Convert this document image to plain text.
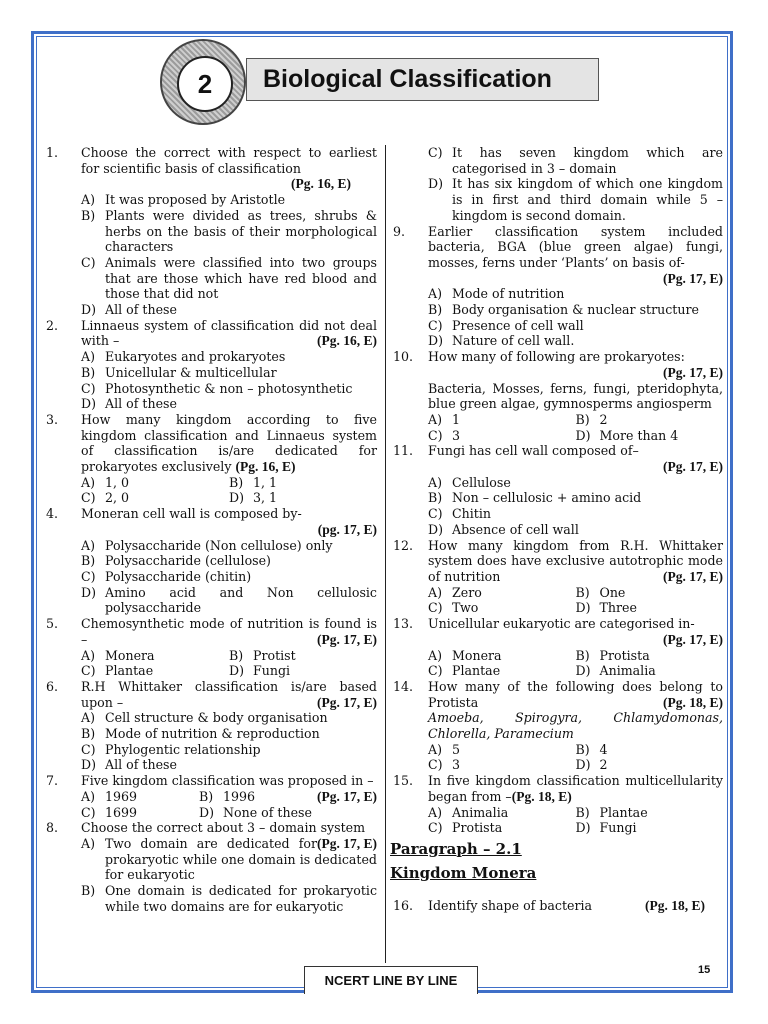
2	Biological Classification
1. Choose the correct with respect to earliest for scientific basis of classification
(Pg. 16, E)
A) It was proposed by Aristotle
B) Plants were divided as trees, shrubs & herbs on the basis of their morphological characters
C) Animals were classified into two groups that are those which have red blood and those that did not
D) All of these
2. Linnaeus system of classification did not deal with –	(Pg. 16, E)
A) Eukaryotes and prokaryotes
B) Unicellular & multicellular
C) Photosynthetic & non – photosynthetic
D) All of these
3. How many kingdom according to five kingdom classification and Linnaeus system of classification is/are dedicated for prokaryotes exclusively (Pg. 16, E)
A) 1, 0	B) 1, 1
C) 2, 0	D) 3, 1
4. Moneran cell wall is composed by-
(pg. 17, E)
A) Polysaccharide (Non cellulose) only
B) Polysaccharide (cellulose)
C) Polysaccharide (chitin)
D) Amino acid and Non cellulosic polysaccharide
5. Chemosynthetic mode of nutrition is found is –	(Pg. 17, E)
A) Monera	B) Protist
C) Plantae	D) Fungi
6. R.H Whittaker classification is/are based upon –	(Pg. 17, E)
A) Cell structure & body organisation
B) Mode of nutrition & reproduction
C) Phylogentic relationship
D) All of these
7. Five kingdom classification was proposed in –
(Pg. 17, E)
A) 1969	B) 1996
C) 1699	D) None of these
8. Choose the correct about 3 – domain system
(Pg. 17, E)
A) Two domain are dedicated for prokaryotic while one domain is dedicated for eukaryotic
B) One domain is dedicated for prokaryotic while two domains are for eukaryotic
C) It has seven kingdom which are categorised in 3 – domain
D) It has six kingdom of which one kingdom is in first and third domain while 5 – kingdom is second domain.
9. Earlier classification system included bacteria, BGA (blue green algae) fungi, mosses, ferns under ‘Plants’ on basis of-
(Pg. 17, E)
A) Mode of nutrition
B) Body organisation & nuclear structure
C) Presence of cell wall
D) Nature of cell wall.
10. How many of following are prokaryotes:
(Pg. 17, E)
Bacteria, Mosses, ferns, fungi, pteridophyta, blue green algae, gymnosperms angiosperm
A) 1	B) 2
C) 3	D) More than 4
11. Fungi has cell wall composed of–
(Pg. 17, E)
A) Cellulose
B) Non – cellulosic + amino acid
C) Chitin
D) Absence of cell wall
12. How many kingdom from R.H. Whittaker system does have exclusive autotrophic mode of nutrition	(Pg. 17, E)
A) Zero	B) One
C) Two	D) Three
13. Unicellular eukaryotic are categorised in-
(Pg. 17, E)
A) Monera	B) Protista
C) Plantae	D) Animalia
14. How many of the following does belong to Protista	(Pg. 18, E)
Amoeba, Spirogyra, Chlamydomonas, Chlorella, Paramecium
A) 5	B) 4
C) 3	D) 2
15. In five kingdom classification multicellularity began from –(Pg. 18, E)
A) Animalia	B) Plantae
C) Protista	D) Fungi
Paragraph – 2.1
Kingdom Monera
16. Identify shape of bacteria	(Pg. 18, E)
NCERT LINE BY LINE
15
